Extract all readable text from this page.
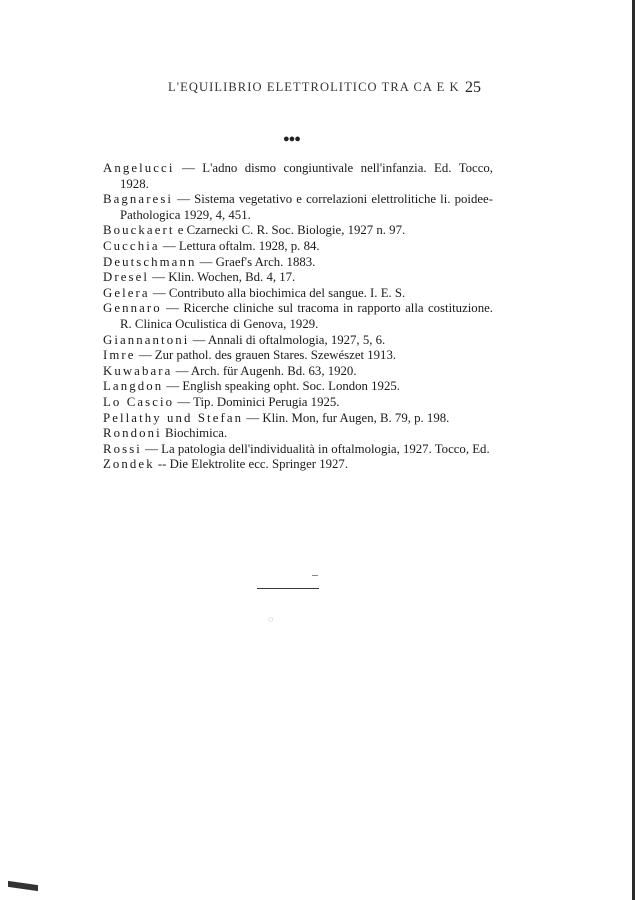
L'EQUILIBRIO ELETTROLITICO TRA CA E K 25
●●●
Angelucci — L'adno dismo congiuntivale nell'infanzia. Ed. Tocco, 1928.
Bagnaresi — Sistema vegetativo e correlazioni elettrolitiche li. poidee-Pathologica 1929, 4, 451.
Bouckaert e Czarnecki C. R. Soc. Biologie, 1927 n. 97.
Cucchia — Lettura oftalm. 1928, p. 84.
Deutschmann — Graef's Arch. 1883.
Dresel — Klin. Wochen, Bd. 4, 17.
Gelera — Contributo alla biochimica del sangue. I. E. S.
Gennaro — Ricerche cliniche sul tracoma in rapporto alla costituzione. R. Clinica Oculistica di Genova, 1929.
Giannantoni — Annali di oftalmologia, 1927, 5, 6.
Imre — Zur pathol. des grauen Stares. Szewészet 1913.
Kuwabara — Arch. für Augenh. Bd. 63, 1920.
Langdon — English speaking opht. Soc. London 1925.
Lo Cascio — Tip. Dominici Perugia 1925.
Pellathy und Stefan — Klin. Mon, fur Augen, B. 79, p. 198.
Rondoni Biochimica.
Rossi — La patologia dell'individualità in oftalmologia, 1927. Tocco, Ed.
Zondek -- Die Elektrolite ecc. Springer 1927.
◌
